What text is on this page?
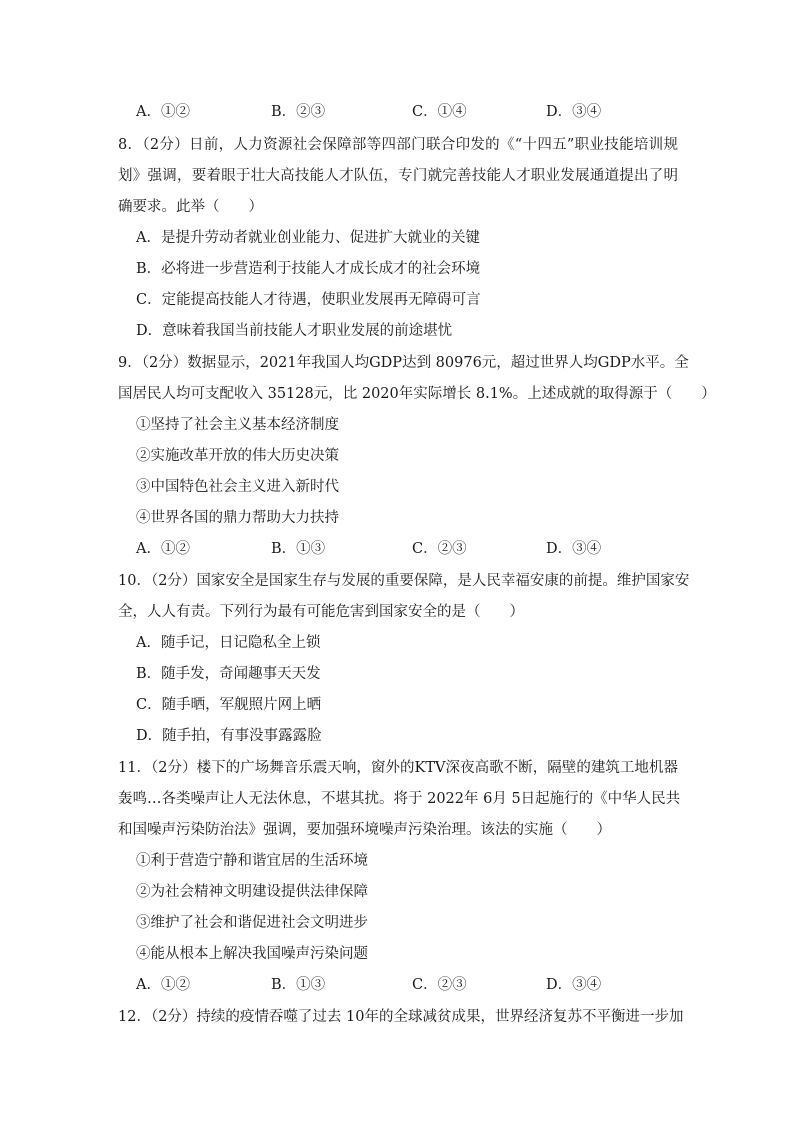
A．①②	B．②③	C．①④	D．③④
8．（2分）日前，人力资源社会保障部等四部门联合印发的《“十四五”职业技能培训规
划》强调，要着眼于壮大高技能人才队伍，专门就完善技能人才职业发展通道提出了明
确要求。此举（　　）
A．是提升劳动者就业创业能力、促进扩大就业的关键
B．必将进一步营造利于技能人才成长成才的社会环境
C．定能提高技能人才待遇，使职业发展再无障碍可言
D．意味着我国当前技能人才职业发展的前途堪忧
9．（2分）数据显示，2021年我国人均GDP达到 80976元，超过世界人均GDP水平。全
国居民人均可支配收入 35128元，比 2020年实际增长 8.1%。上述成就的取得源于（　　）
①坚持了社会主义基本经济制度
②实施改革开放的伟大历史决策
③中国特色社会主义进入新时代
④世界各国的鼎力帮助大力扶持
A．①②	B．①③	C．②③	D．③④
10．（2分）国家安全是国家生存与发展的重要保障，是人民幸福安康的前提。维护国家安
全，人人有责。下列行为最有可能危害到国家安全的是（　　）
A．随手记，日记隐私全上锁
B．随手发，奇闻趣事天天发
C．随手晒，军舰照片网上晒
D．随手拍，有事没事露露脸
11．（2分）楼下的广场舞音乐震天响，窗外的KTV深夜高歌不断，隔壁的建筑工地机器
轰鸣…各类噪声让人无法休息，不堪其扰。将于 2022年 6月 5日起施行的《中华人民共
和国噪声污染防治法》强调，要加强环境噪声污染治理。该法的实施（　　）
①利于营造宁静和谐宜居的生活环境
②为社会精神文明建设提供法律保障
③维护了社会和谐促进社会文明进步
④能从根本上解决我国噪声污染问题
A．①②	B．①③	C．②③	D．③④
12．（2分）持续的疫情吞噬了过去 10年的全球减贫成果，世界经济复苏不平衡进一步加
